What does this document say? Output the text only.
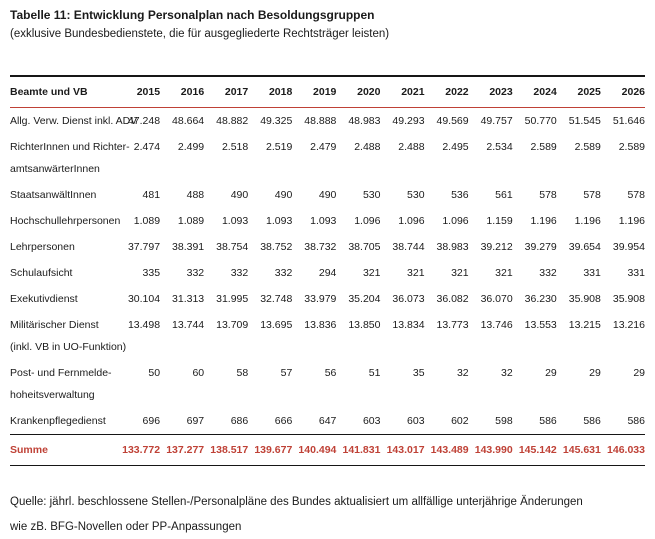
Tabelle 11: Entwicklung Personalplan nach Besoldungsgruppen
(exklusive Bundesbedienstete, die für ausgegliederte Rechtsträger leisten)
Beamte und VB	2015	2016	2017	2018	2019	2020	2021	2022	2023	2024	2025	2026

Allg. Verw. Dienst inkl. ADV	47.248	48.664	48.882	49.325	48.888	48.983	49.293	49.569	49.757	50.770	51.545	51.646

RichterInnen und Richter-
amtsanwärterInnen	2.474	2.499	2.518	2.519	2.479	2.488	2.488	2.495	2.534	2.589	2.589	2.589

StaatsanwältInnen	481	488	490	490	490	530	530	536	561	578	578	578

Hochschullehrpersonen	1.089	1.089	1.093	1.093	1.093	1.096	1.096	1.096	1.159	1.196	1.196	1.196

Lehrpersonen	37.797	38.391	38.754	38.752	38.732	38.705	38.744	38.983	39.212	39.279	39.654	39.954

Schulaufsicht	335	332	332	332	294	321	321	321	321	332	331	331

Exekutivdienst	30.104	31.313	31.995	32.748	33.979	35.204	36.073	36.082	36.070	36.230	35.908	35.908

Militärischer Dienst
(inkl. VB in UO-Funktion)	13.498	13.744	13.709	13.695	13.836	13.850	13.834	13.773	13.746	13.553	13.215	13.216

Post- und Fernmelde-
hoheitsverwaltung	50	60	58	57	56	51	35	32	32	29	29	29

Krankenpflegedienst	696	697	686	666	647	603	603	602	598	586	586	586
Summe	133.772	137.277	138.517	139.677	140.494	141.831	143.017	143.489	143.990	145.142	145.631	146.033
Quelle: jährl. beschlossene Stellen-/Personalpläne des Bundes aktualisiert um allfällige unterjährige Änderungen
wie zB. BFG-Novellen oder PP-Anpassungen
